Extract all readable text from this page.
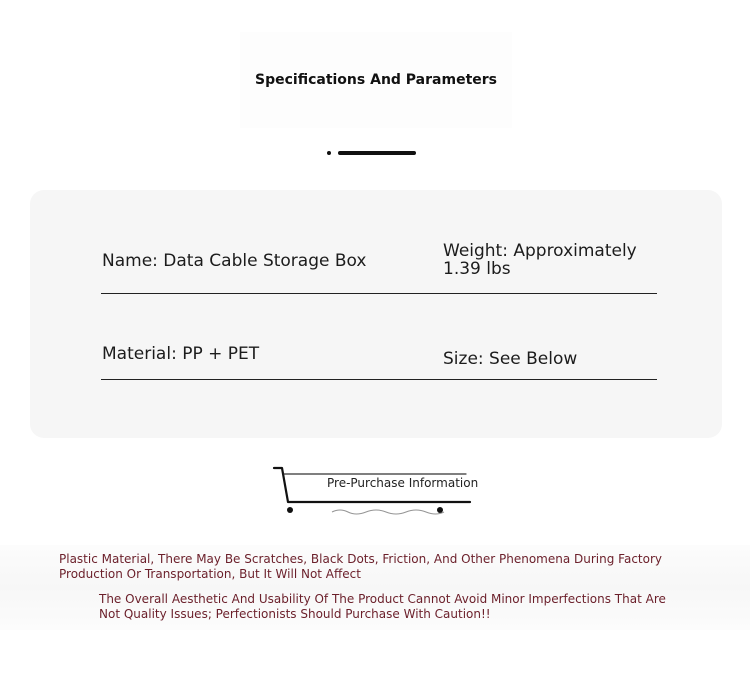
Specifications And Parameters
Name: Data Cable Storage Box	Weight: Approximately
1.39 lbs
Material: PP + PET	Size: See Below
Pre-Purchase Information
Plastic Material, There May Be Scratches, Black Dots, Friction, And Other Phenomena During Factory Production Or Transportation, But It Will Not Affect
The Overall Aesthetic And Usability Of The Product Cannot Avoid Minor Imperfections That Are Not Quality Issues; Perfectionists Should Purchase With Caution!!
